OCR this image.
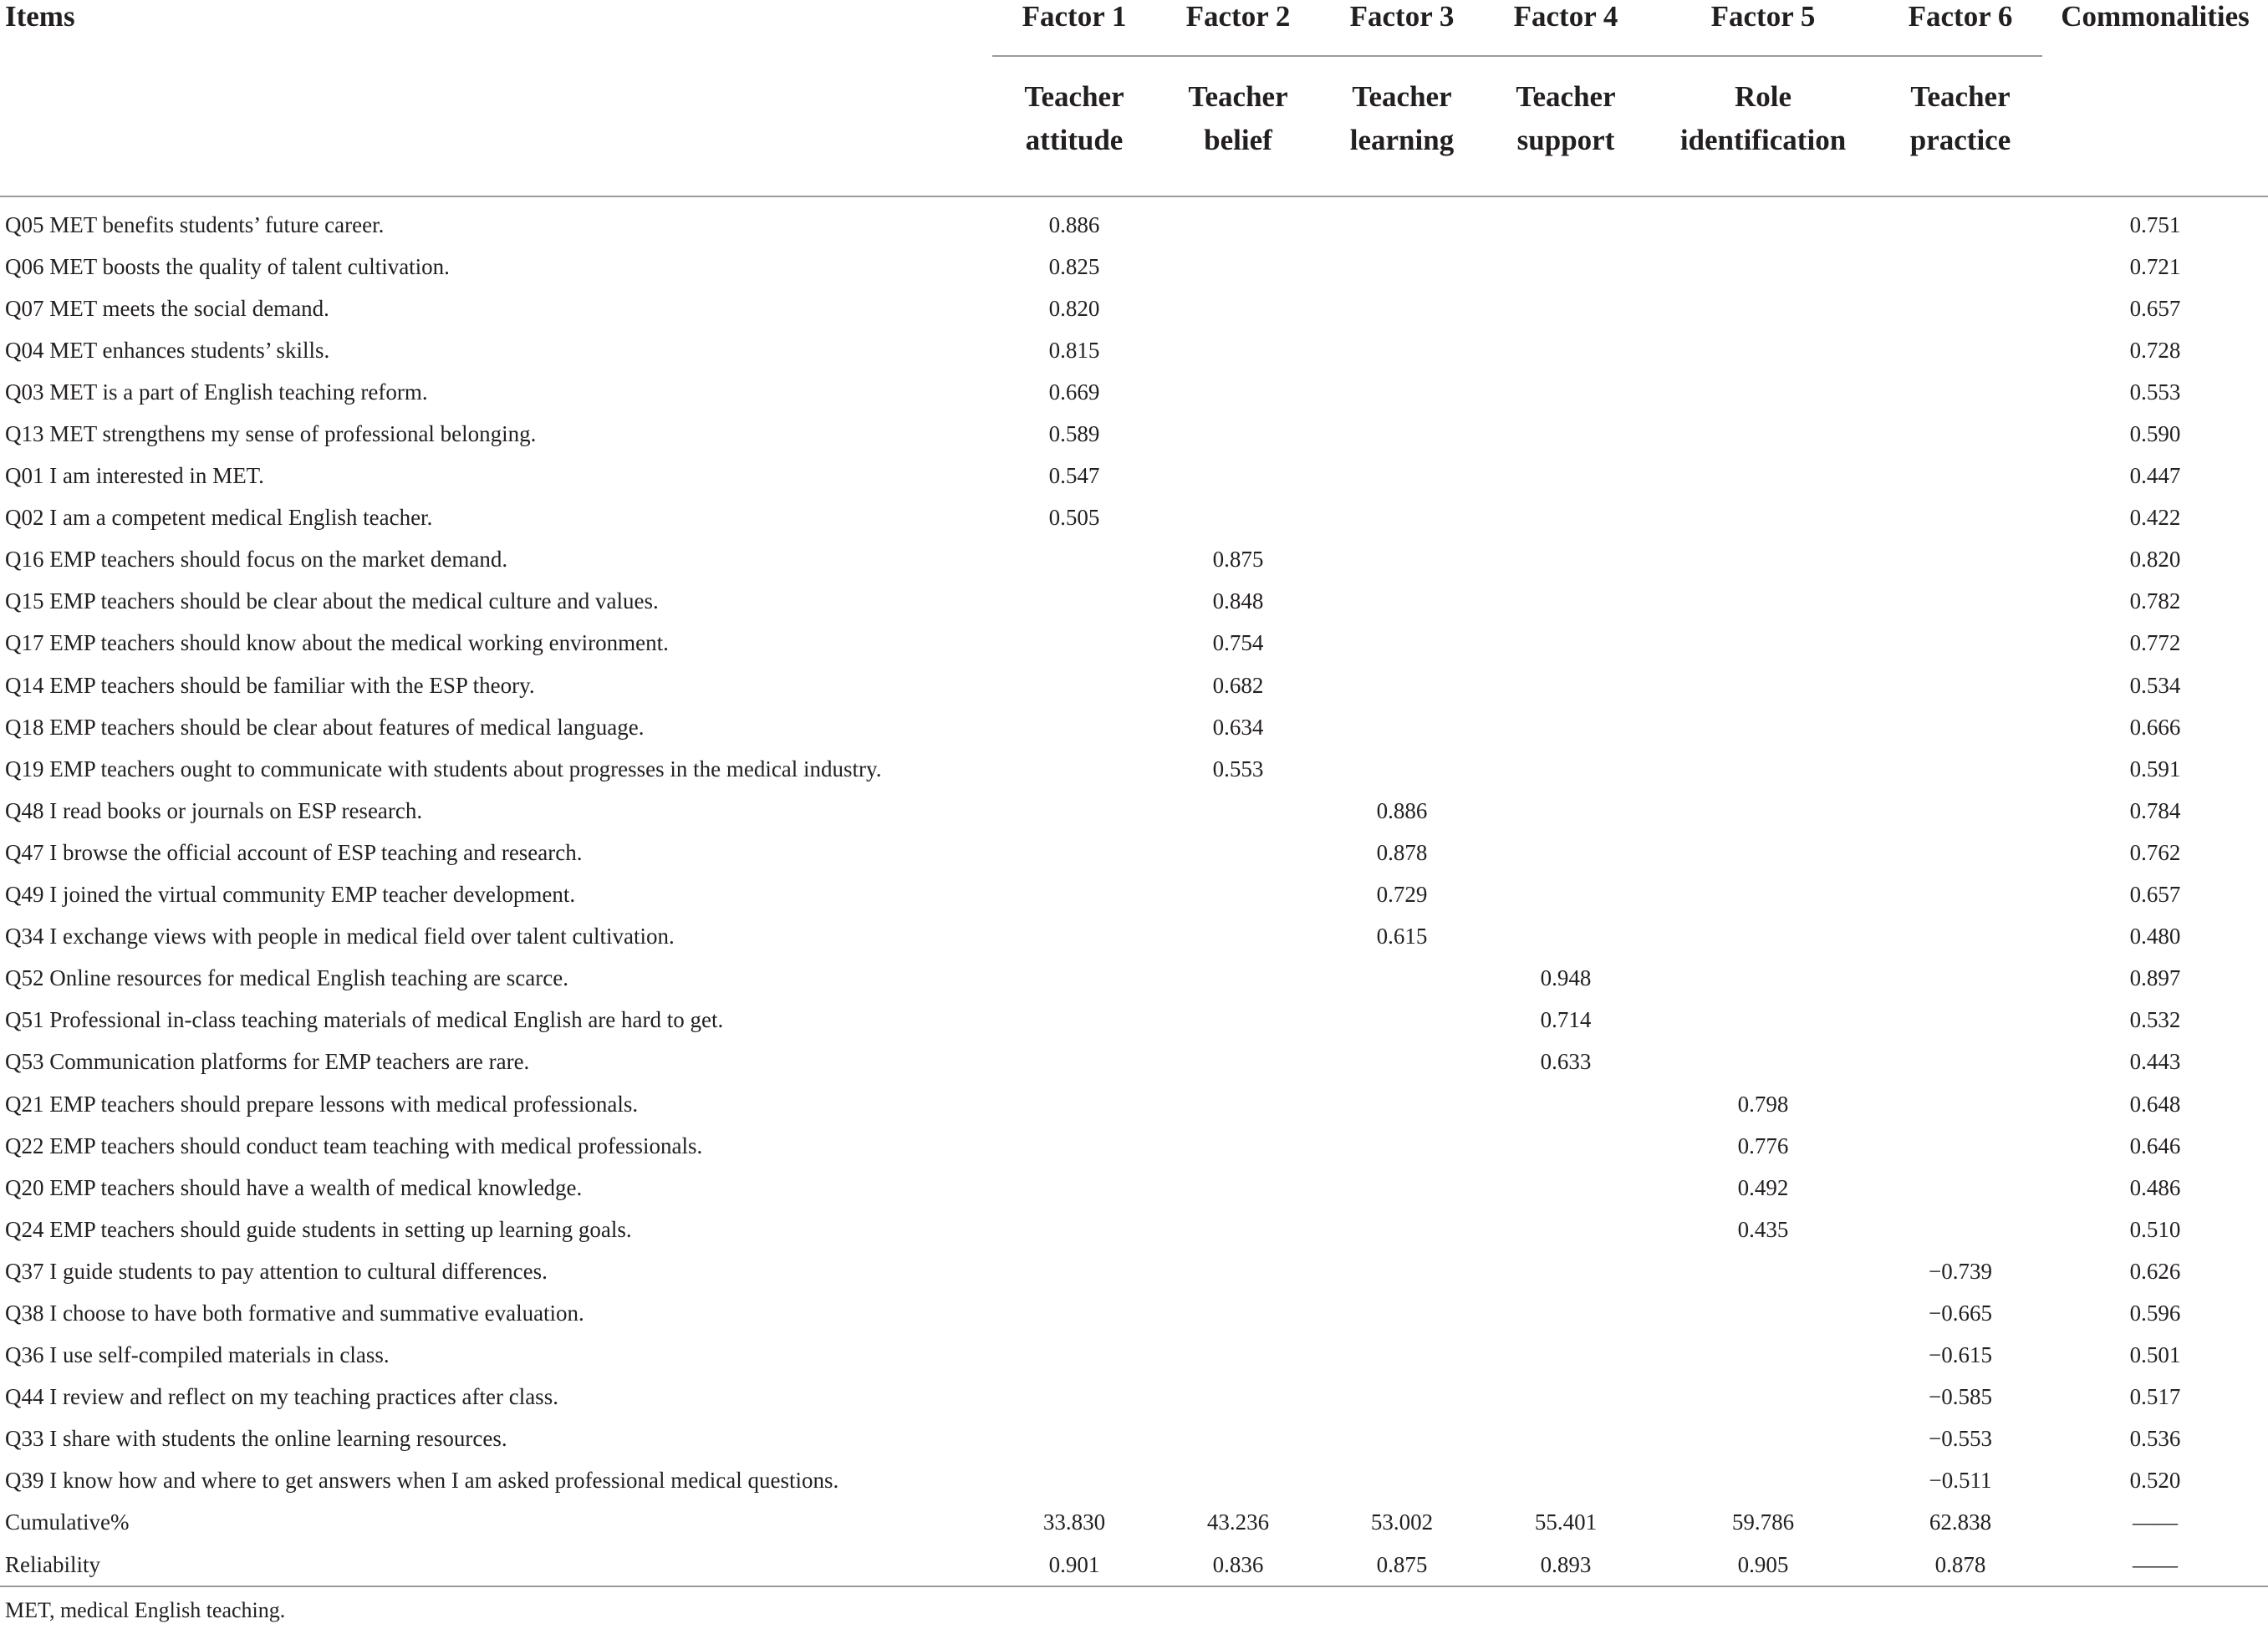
Items	Factor 1	Factor 2	Factor 3	Factor 4	Factor 5	Factor 6	Commonalities

	Teacher attitude	Teacher belief	Teacher learning	Teacher support	Role identification	Teacher practice	

Q05 MET benefits students’ future career.	0.886						0.751
Q06 MET boosts the quality of talent cultivation.	0.825						0.721
Q07 MET meets the social demand.	0.820						0.657
Q04 MET enhances students’ skills.	0.815						0.728
Q03 MET is a part of English teaching reform.	0.669						0.553
Q13 MET strengthens my sense of professional belonging.	0.589						0.590
Q01 I am interested in MET.	0.547						0.447
Q02 I am a competent medical English teacher.	0.505						0.422
Q16 EMP teachers should focus on the market demand.		0.875					0.820
Q15 EMP teachers should be clear about the medical culture and values.		0.848					0.782
Q17 EMP teachers should know about the medical working environment.		0.754					0.772
Q14 EMP teachers should be familiar with the ESP theory.		0.682					0.534
Q18 EMP teachers should be clear about features of medical language.		0.634					0.666
Q19 EMP teachers ought to communicate with students about progresses in the medical industry.		0.553					0.591
Q48 I read books or journals on ESP research.			0.886				0.784
Q47 I browse the official account of ESP teaching and research.			0.878				0.762
Q49 I joined the virtual community EMP teacher development.			0.729				0.657
Q34 I exchange views with people in medical field over talent cultivation.			0.615				0.480
Q52 Online resources for medical English teaching are scarce.				0.948			0.897
Q51 Professional in-class teaching materials of medical English are hard to get.				0.714			0.532
Q53 Communication platforms for EMP teachers are rare.				0.633			0.443
Q21 EMP teachers should prepare lessons with medical professionals.					0.798		0.648
Q22 EMP teachers should conduct team teaching with medical professionals.					0.776		0.646
Q20 EMP teachers should have a wealth of medical knowledge.					0.492		0.486
Q24 EMP teachers should guide students in setting up learning goals.					0.435		0.510
Q37 I guide students to pay attention to cultural differences.						−0.739	0.626
Q38 I choose to have both formative and summative evaluation.						−0.665	0.596
Q36 I use self-compiled materials in class.						−0.615	0.501
Q44 I review and reflect on my teaching practices after class.						−0.585	0.517
Q33 I share with students the online learning resources.						−0.553	0.536
Q39 I know how and where to get answers when I am asked professional medical questions.						−0.511	0.520
Cumulative%	33.830	43.236	53.002	55.401	59.786	62.838	——
Reliability	0.901	0.836	0.875	0.893	0.905	0.878	——
MET, medical English teaching.
